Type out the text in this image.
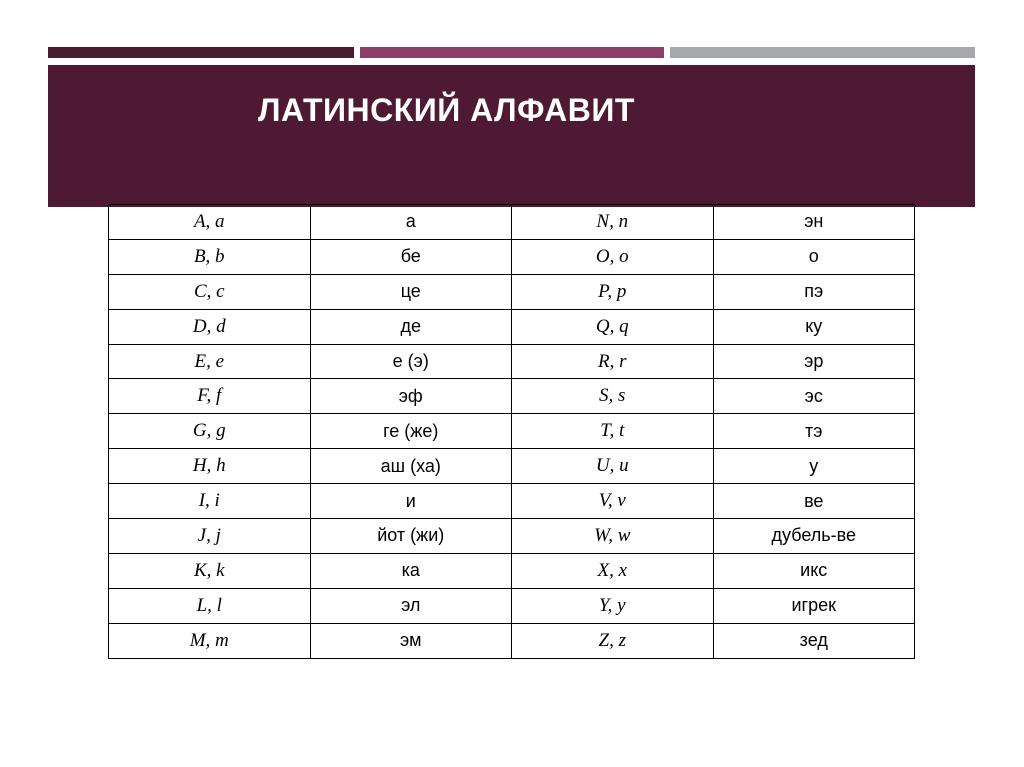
ЛАТИНСКИЙ АЛФАВИТ
A, a	а	N, n	эн
B, b	бе	O, o	о
C, c	це	P, p	пэ
D, d	де	Q, q	ку
E, e	е (э)	R, r	эр
F, f	эф	S, s	эс
G, g	ге (же)	T, t	тэ
H, h	аш (ха)	U, u	у
I, i	и	V, v	ве
J, j	йот (жи)	W, w	дубель-ве
K, k	ка	X, x	икс
L, l	эл	Y, y	игрек
M, m	эм	Z, z	зед
